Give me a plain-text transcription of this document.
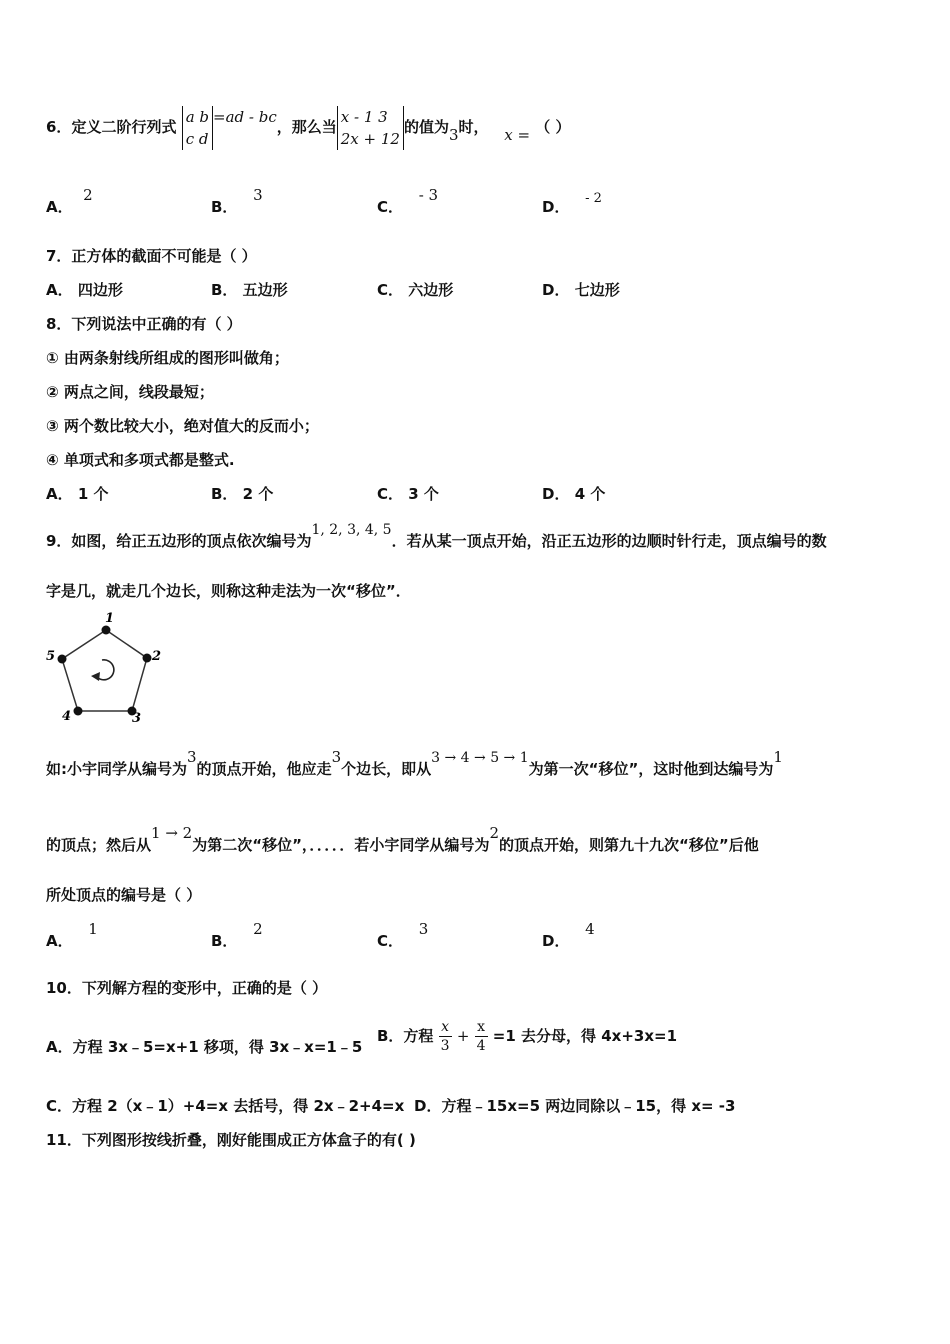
6．定义二阶行列式 a b
c d=ad - bc，那么当x - 1 3
2x + 12的值为3时， x = （ ）
A．  2
B．   3
C．   - 3
D． - 2
7．正方体的截面不可能是（ ）
A． 四边形	B． 五边形	C． 六边形	D． 七边形
8．下列说法中正确的有（ ）
① 由两条射线所组成的图形叫做角；
② 两点之间，线段最短；
③ 两个数比较大小，绝对值大的反而小；
④ 单项式和多项式都是整式.
A． 1 个	B． 2 个	C． 3 个	D． 4 个
9．如图，给正五边形的顶点依次编号为1, 2, 3, 4, 5．若从某一顶点开始，沿正五边形的边顺时针行走，顶点编号的数
字是几，就走几个边长，则称这种走法为一次“移位”．
1
2
3
4
5
如:小宇同学从编号为3的顶点开始，他应走3个边长，即从3 → 4 → 5 → 1为第一次“移位”，这时他到达编号为1
的顶点；然后从1 → 2为第二次“移位”，．．．．．若小宇同学从编号为2的顶点开始，则第九十九次“移位”后他
所处顶点的编号是（ ）
A．   1
B．   2
C．   3
D．   4
10．下列解方程的变形中，正确的是（ ）
A．方程 3x﹣5=x+1 移项，得 3x﹣x=1﹣5
B．方程 $\frac{x}{3} + \frac{x}{4} =1$ 去分母，得 4x+3x=1
C．方程 2（x﹣1）+4=x 去括号，得 2x﹣2+4=x D．方程﹣15x=5 两边同除以﹣15，得 x= -3
11．下列图形按线折叠，刚好能围成正方体盒子的有( )
